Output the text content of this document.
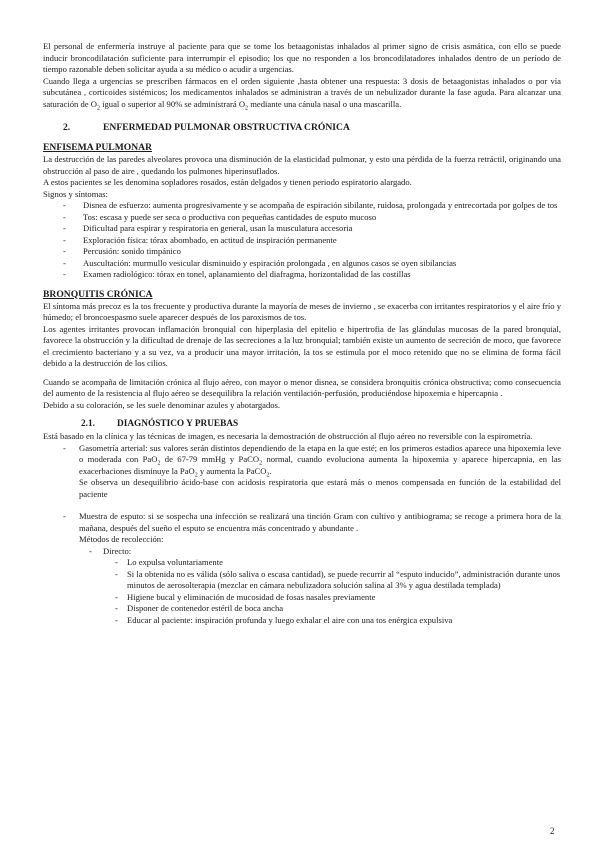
El personal de enfermería instruye al paciente para que se tome los betaagonistas inhalados al primer signo de crisis asmática, con ello se puede inducir broncodilatación suficiente para interrumpir el episodio; los que no responden a los broncodilatadores inhalados dentro de un período de tiempo razonable deben solicitar ayuda a su médico o acudir a urgencias.

Cuando llega a urgencias se prescriben fármacos en el orden siguiente ,hasta obtener una respuesta: 3 dosis de betaagonistas inhalados o por vía subcutánea , corticoides sistémicos; los medicamentos inhalados se administran a través de un nebulizador durante la fase aguda. Para alcanzar una saturación de $O_2$ igual o superior al 90% se administrará $O_2$ mediante una cánula nasal o una mascarilla.

2.	ENFERMEDAD PULMONAR OBSTRUCTIVA CRÓNICA
ENFISEMA PULMONAR

La destrucción de las paredes alveolares provoca una disminución de la elasticidad pulmonar, y esto una pérdida de la fuerza retráctil, originando una obstrucción al paso de aire , quedando los pulmones hiperinsuflados.

A estos pacientes se les denomina sopladores rosados, están delgados y tienen periodo espiratorio alargado.

Signos y síntomas:

- Disnea de esfuerzo: aumenta progresivamente y se acompaña de espiración sibilante, ruidosa, prolongada y entrecortada por golpes de tos
- Tos: escasa y puede ser seca o productiva con pequeñas cantidades de esputo mucoso
- Dificultad para espirar y respiratoria en general, usan la musculatura accesoria
- Exploración física: tórax abombado, en actitud de inspiración permanente
- Percusión: sonido timpánico
- Auscultación: murmullo vesicular disminuido y espiración prolongada , en algunos casos se oyen sibilancias
- Examen radiológico: tórax en tonel, aplanamiento del diafragma, horizontalidad de las costillas
BRONQUITIS CRÓNICA

El síntoma más precoz es la tos frecuente y productiva durante la mayoría de meses de invierno , se exacerba con irritantes respiratorios y el aire frío y húmedo; el broncoespasmo suele aparecer después de los paroxismos de tos.

Los agentes irritantes provocan inflamación bronquial con hiperplasia del epitelio e hipertrofia de las glándulas mucosas de la pared bronquial, favorece la obstrucción y la dificultad de drenaje de las secreciones a la luz bronquial; también existe un aumento de secreción de moco, que favorece el crecimiento bacteriano y a su vez, va a producir una mayor irritación, la tos se estimula por el moco retenido que no se elimina de forma fácil debido a la destrucción de los cilios.

Cuando se acompaña de limitación crónica al flujo aéreo, con mayor o menor disnea, se considera bronquitis crónica obstructiva; como consecuencia del aumento de la resistencia al flujo aéreo se desequilibra la relación ventilación-perfusión, produciéndose hipoxemia e hipercapnia .

Debido a su coloración, se les suele denominar azules y abotargados.

2.1.	DIAGNÓSTICO Y PRUEBAS

Está basado en la clínica y las técnicas de imagen, es necesaria la demostración de obstrucción al flujo aéreo no reversible con la espirometría.

- Gasometría arterial: sus valores serán distintos dependiendo de la etapa en la que esté; en los primeros estadios aparece una hipoxemia leve o moderada con PaO$_2$ de 67-79 mmHg y PaCO$_2$ normal, cuando evoluciona aumenta la hipoxemia y aparece hipercapnia, en las exacerbaciones disminuye la PaO$_2$ y aumenta la PaCO$_2$.

Se observa un desequilibrio ácido-base con acidosis respiratoria que estará más o menos compensada en función de la estabilidad del paciente

- Muestra de esputo: si se sospecha una infección se realizará una tinción Gram con cultivo y antibiograma; se recoge a primera hora de la mañana, después del sueño el esputo se encuentra más concentrado y abundante .

Métodos de recolección:

- Directo:
- Lo expulsa voluntariamente
- Si la obtenida no es válida (sólo saliva o escasa cantidad), se puede recurrir al “esputo inducido”, administración durante unos minutos de aerosolterapia (mezclar en cámara nebulizadora solución salina al 3% y agua destilada templada)
- Higiene bucal y eliminación de mucosidad de fosas nasales previamente
- Disponer de contenedor estéril de boca ancha
- Educar al paciente: inspiración profunda y luego exhalar el aire con una tos enérgica expulsiva
2
